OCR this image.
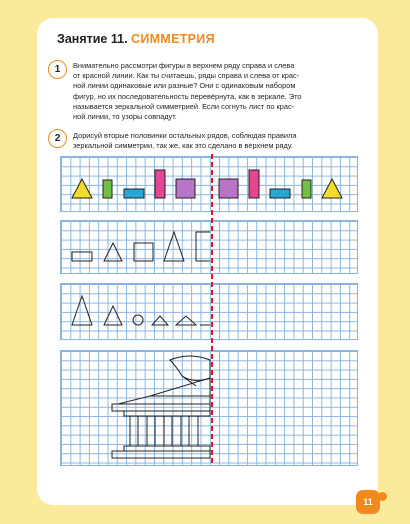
Занятие 11. СИММЕТРИЯ
1	Внимательно рассмотри фигуры в верхнем ряду справа и слева
от красной линии. Как ты считаешь, ряды справа и слева от крас-
ной линии одинаковые или разные? Они с одинаковым набором
фигур, но их последовательность перевёрнута, как в зеркале. Это
называется зеркальной симметрией. Если согнуть лист по крас-
ной линии, то узоры совпадут.
2	Дорисуй вторые половинки остальных рядов, соблюдая правила
зеркальной симметрии, так же, как это сделано в верхнем ряду.
11
